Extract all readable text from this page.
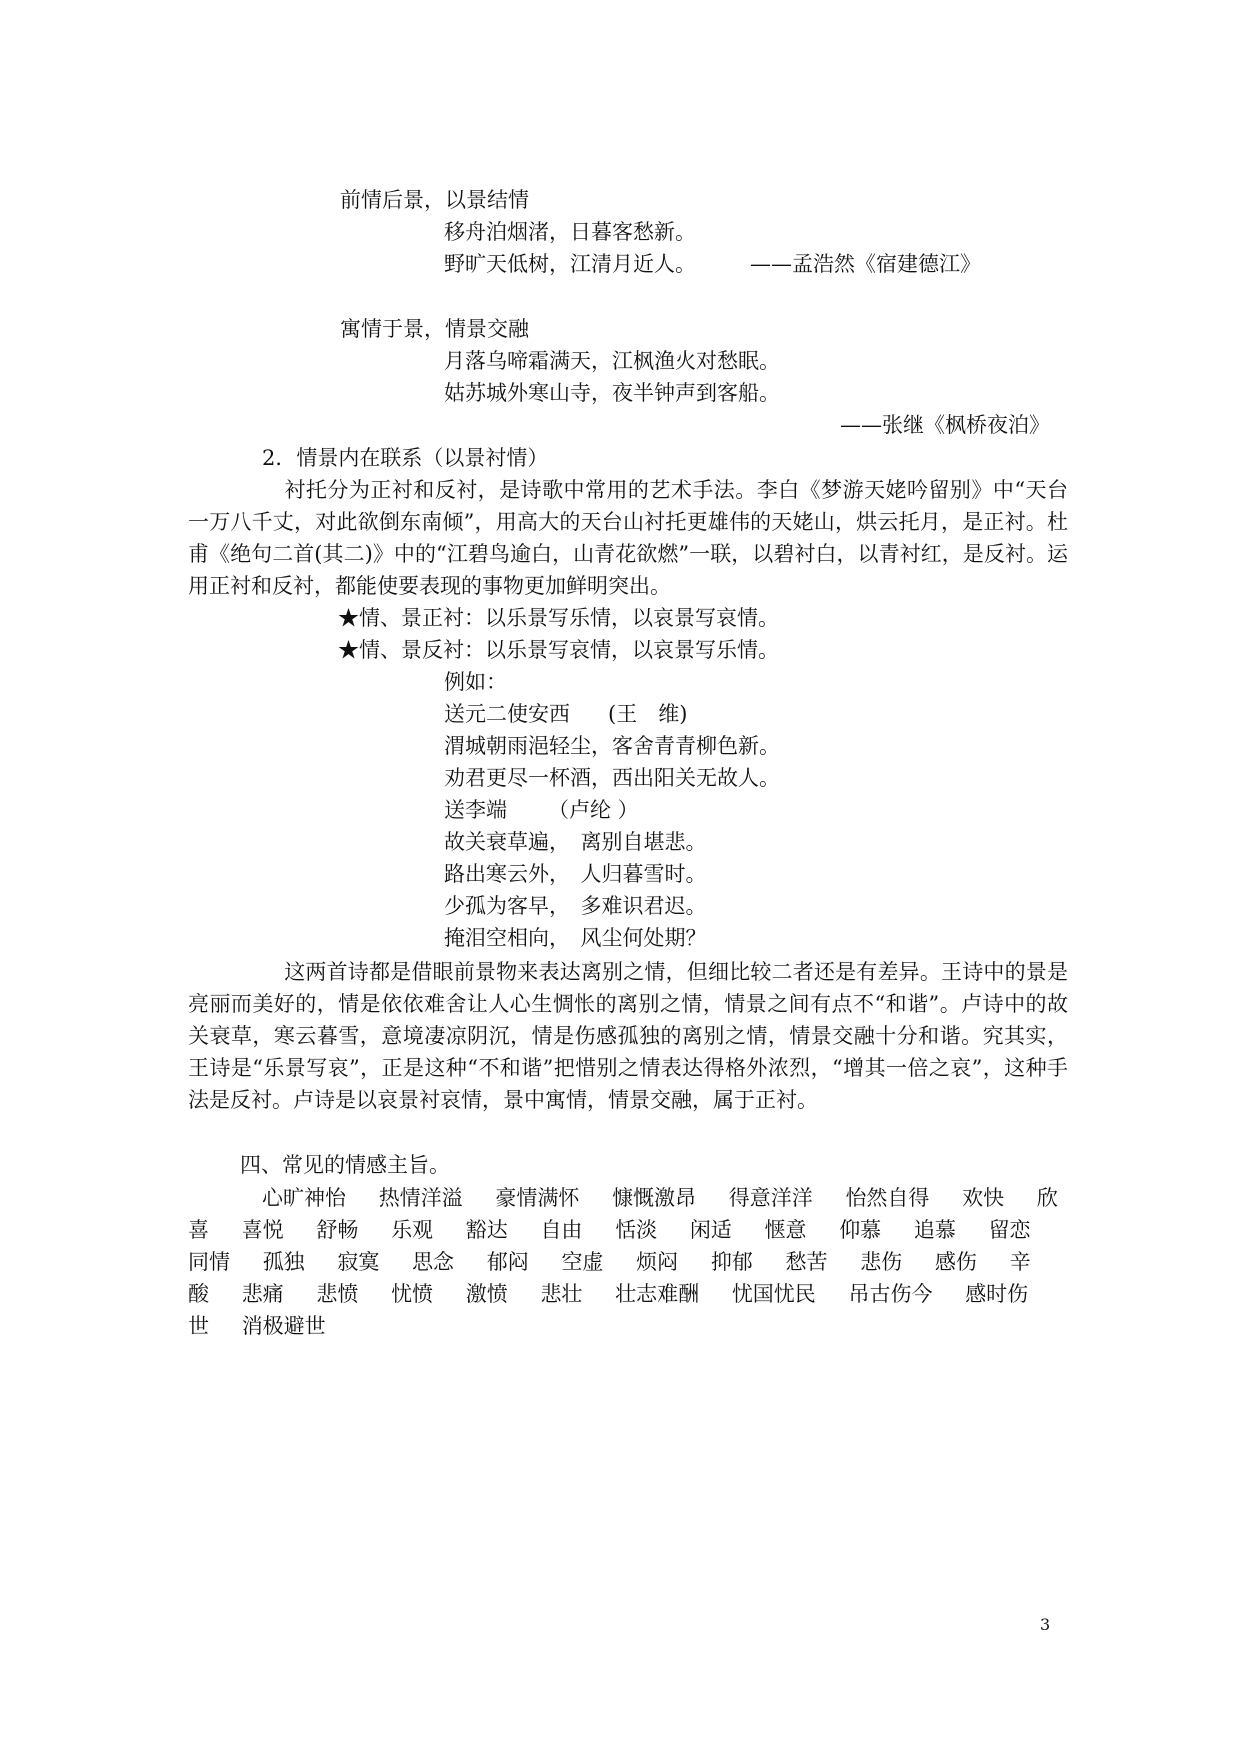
前情后景，以景结情
移舟泊烟渚，日暮客愁新。
野旷天低树，江清月近人。	——孟浩然《宿建德江》
寓情于景，情景交融
月落乌啼霜满天，江枫渔火对愁眠。
姑苏城外寒山寺，夜半钟声到客船。
——张继《枫桥夜泊》
2．情景内在联系（以景衬情）
衬托分为正衬和反衬，是诗歌中常用的艺术手法。李白《梦游天姥吟留别》中“天台一万八千丈，对此欲倒东南倾”，用高大的天台山衬托更雄伟的天姥山，烘云托月，是正衬。杜甫《绝句二首(其二)》中的“江碧鸟逾白，山青花欲燃”一联，以碧衬白，以青衬红，是反衬。运用正衬和反衬，都能使要表现的事物更加鲜明突出。
★情、景正衬：以乐景写乐情，以哀景写哀情。
★情、景反衬：以乐景写哀情，以哀景写乐情。
例如：
送元二使安西 (王　维)
渭城朝雨浥轻尘，客舍青青柳色新。
劝君更尽一杯酒，西出阳关无故人。
送李端 （卢纶 ）
故关衰草遍，　离别自堪悲。
路出寒云外，　人归暮雪时。
少孤为客早，　多难识君迟。
掩泪空相向，　风尘何处期？
这两首诗都是借眼前景物来表达离别之情，但细比较二者还是有差异。王诗中的景是亮丽而美好的，情是依依难舍让人心生惆怅的离别之情，情景之间有点不“和谐”。卢诗中的故关衰草，寒云暮雪，意境凄凉阴沉，情是伤感孤独的离别之情，情景交融十分和谐。究其实，王诗是“乐景写哀”，正是这种“不和谐”把惜别之情表达得格外浓烈，“增其一倍之哀”，这种手法是反衬。卢诗是以哀景衬哀情，景中寓情，情景交融，属于正衬。
四、常见的情感主旨。
心旷神怡 热情洋溢 豪情满怀 慷慨激昂 得意洋洋 怡然自得 欢快 欣喜 喜悦 舒畅 乐观 豁达 自由 恬淡 闲适 惬意 仰慕 追慕 留恋 同情 孤独 寂寞 思念 郁闷 空虚 烦闷 抑郁 愁苦 悲伤 感伤 辛酸 悲痛 悲愤 忧愤 激愤 悲壮 壮志难酬 忧国忧民 吊古伤今 感时伤世 消极避世
3
